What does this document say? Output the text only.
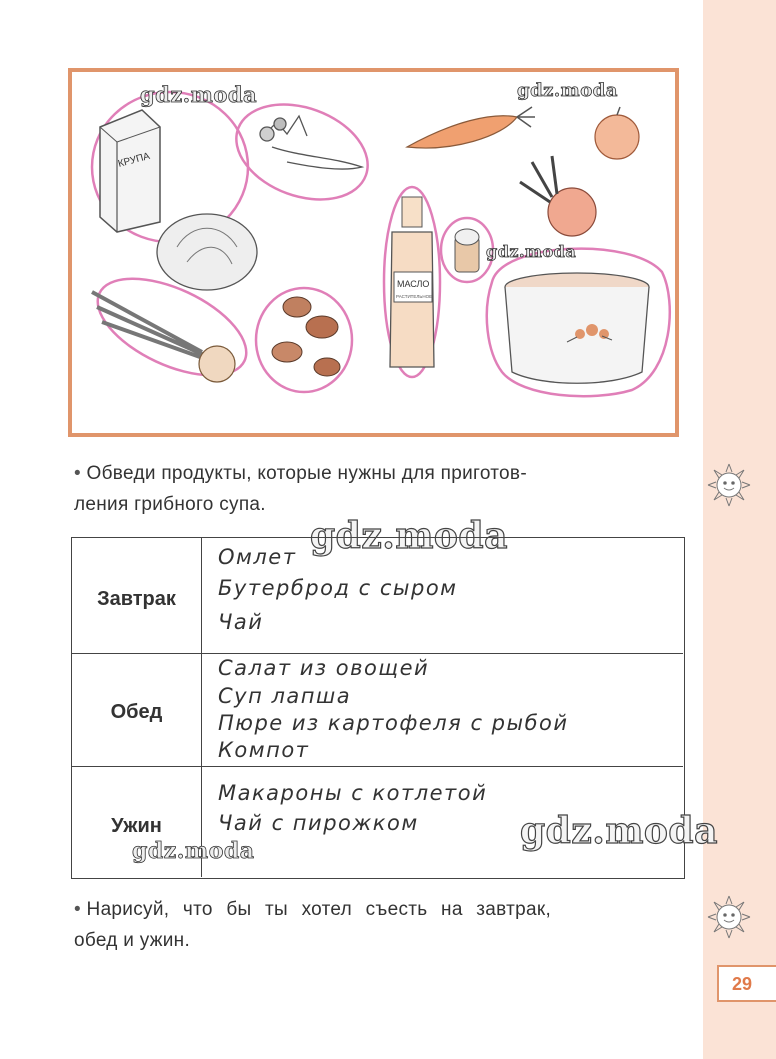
КРУПА
МАСЛО
РАСТИТЕЛЬНОЕ
gdz.moda	gdz.moda
gdz.moda
• Обведи продукты, которые нужны для приготов-
ления грибного супа.
gdz.moda
Завтрак
Омлет
Бутерброд с сыром
Чай
Обед
Салат из овощей
Суп лапша
Пюре из картофеля с рыбой
Компот
Ужин
Макароны с котлетой
Чай с пирожком	gdz.moda
gdz.moda
• Нарисуй, что бы ты хотел съесть на завтрак,
обед и ужин.
29
